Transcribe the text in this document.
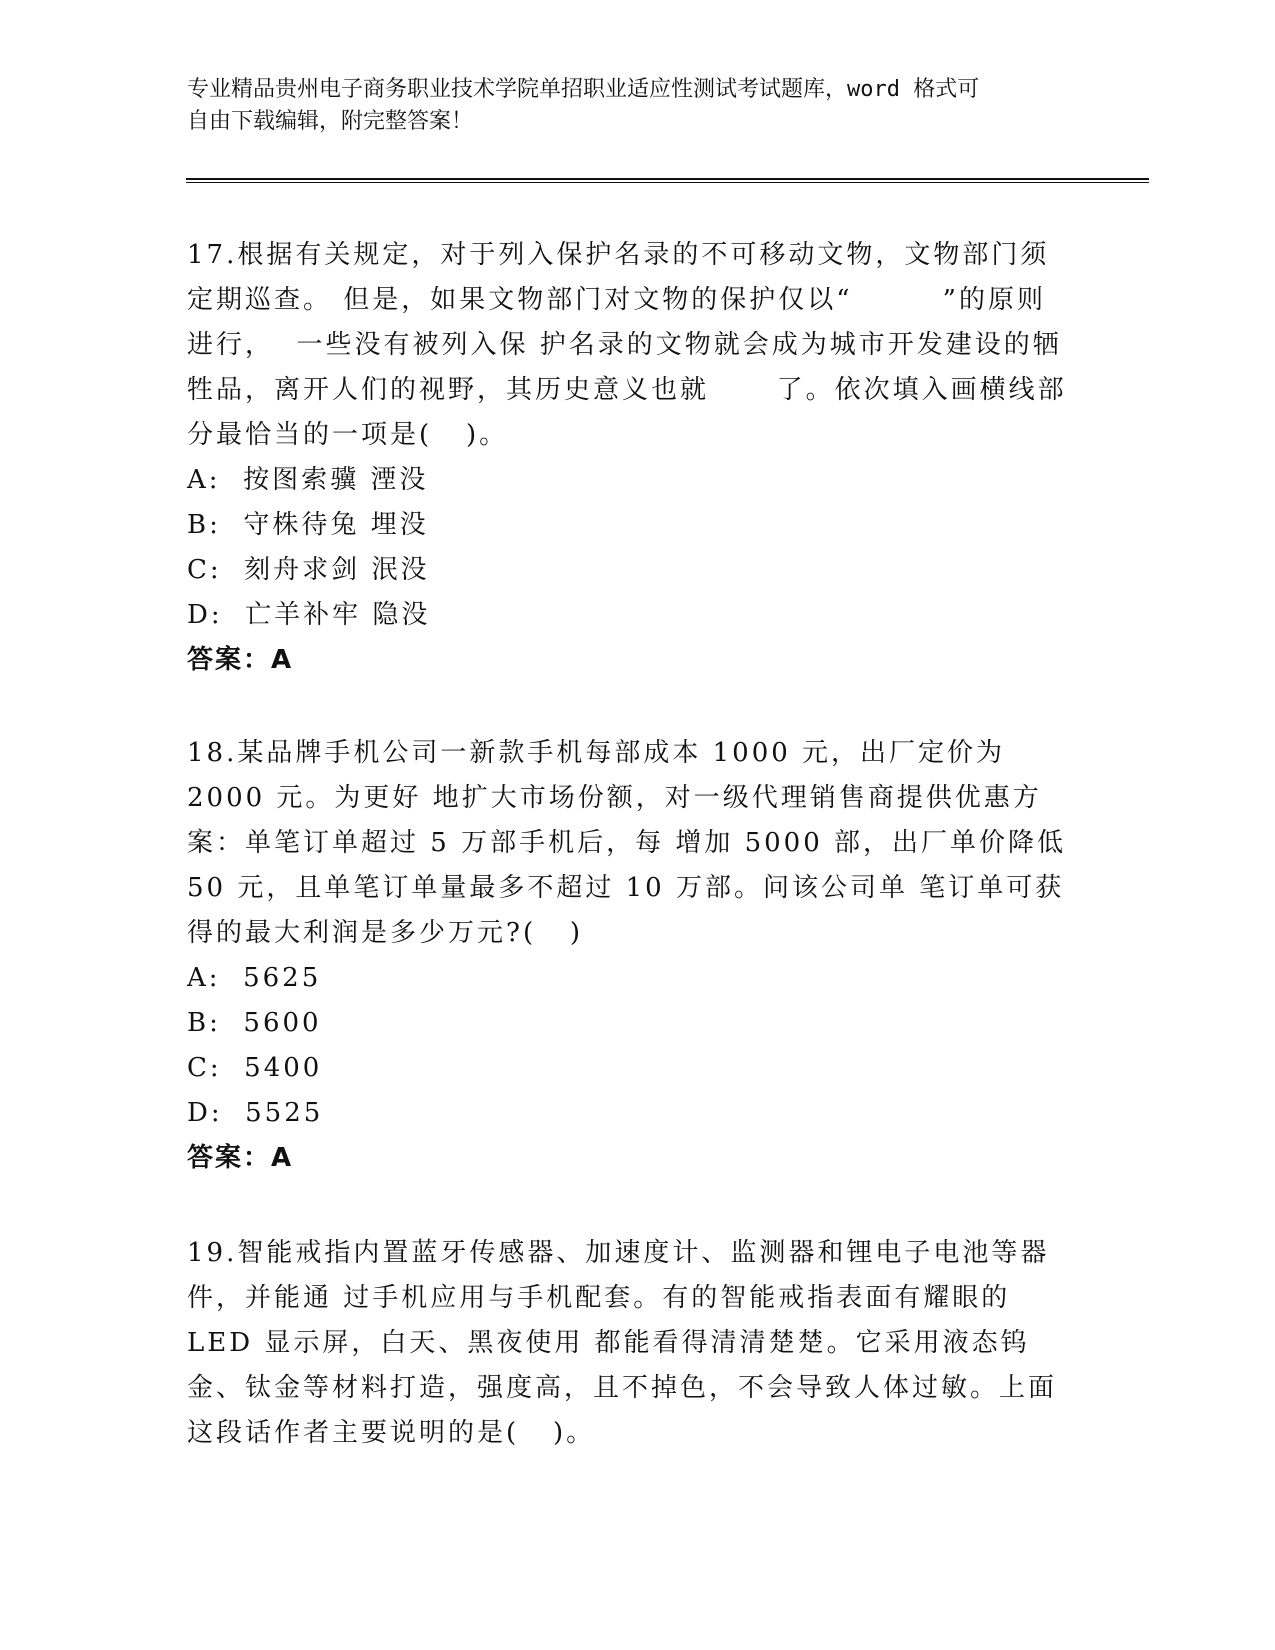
专业精品贵州电子商务职业技术学院单招职业适应性测试考试题库，word 格式可
自由下载编辑，附完整答案！
17.根据有关规定，对于列入保护名录的不可移动文物，文物部门须定期巡查。 但是，如果文物部门对文物的保护仅以“        ”的原则进行，  一些没有被列入保 护名录的文物就会成为城市开发建设的牺牲品，离开人们的视野，其历史意义也就      了。依次填入画横线部分最恰当的一项是(   )。
A:  按图索骥 湮没
B:  守株待兔 埋没
C:  刻舟求剑 泯没
D:  亡羊补牢 隐没
答案：A
18.某品牌手机公司一新款手机每部成本 1000 元，出厂定价为 2000 元。为更好 地扩大市场份额，对一级代理销售商提供优惠方案：单笔订单超过 5 万部手机后，每 增加 5000 部，出厂单价降低 50 元，且单笔订单量最多不超过 10 万部。问该公司单 笔订单可获得的最大利润是多少万元?(   )
A:  5625
B:  5600
C:  5400
D:  5525
答案：A
19.智能戒指内置蓝牙传感器、加速度计、监测器和锂电子电池等器件，并能通 过手机应用与手机配套。有的智能戒指表面有耀眼的 LED 显示屏，白天、黑夜使用 都能看得清清楚楚。它采用液态钨金、钛金等材料打造，强度高，且不掉色，不会导致人体过敏。上面这段话作者主要说明的是(   )。
